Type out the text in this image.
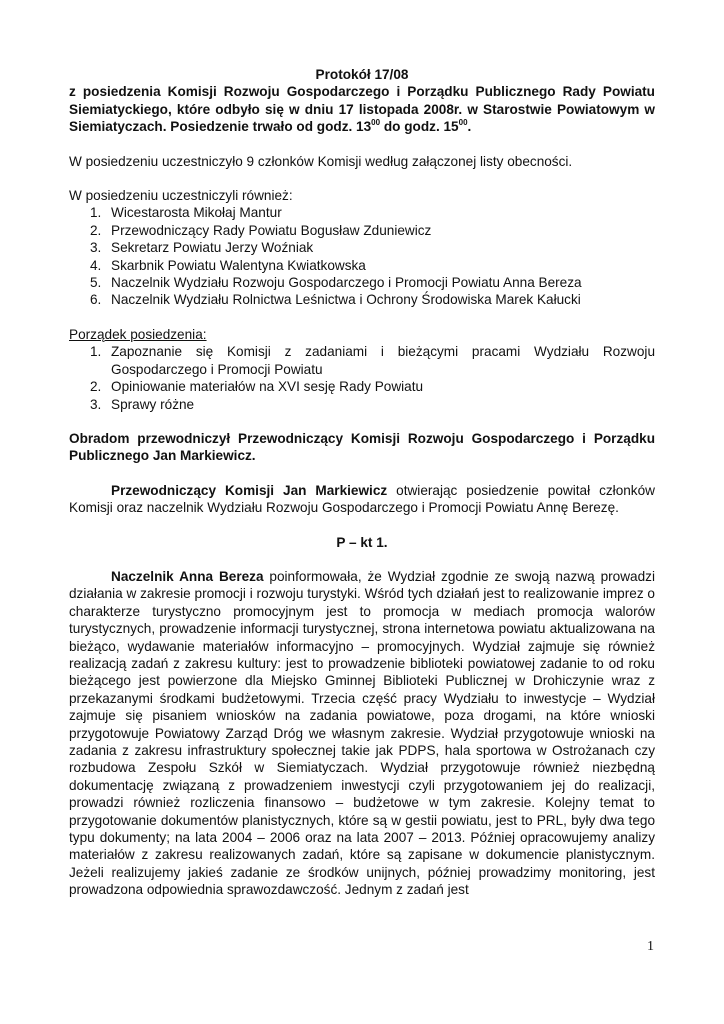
Protokół 17/08

z posiedzenia Komisji Rozwoju Gospodarczego i Porządku Publicznego Rady Powiatu Siemiatyckiego, które odbyło się w dniu 17 listopada 2008r. w Starostwie Powiatowym w Siemiatyczach. Posiedzenie trwało od godz. $13^{00}$ do godz. $15^{00}$.

W posiedzeniu uczestniczyło 9 członków Komisji według załączonej listy obecności.

W posiedzeniu uczestniczyli również:

1. Wicestarosta Mikołaj Mantur
2. Przewodniczący Rady Powiatu Bogusław Zduniewicz
3. Sekretarz Powiatu Jerzy Woźniak
4. Skarbnik Powiatu Walentyna Kwiatkowska
5. Naczelnik Wydziału Rozwoju Gospodarczego i Promocji Powiatu Anna Bereza
6. Naczelnik Wydziału Rolnictwa Leśnictwa i Ochrony Środowiska Marek Kałucki

Porządek posiedzenia:

1. Zapoznanie się Komisji z zadaniami i bieżącymi pracami Wydziału Rozwoju Gospodarczego i Promocji Powiatu
2. Opiniowanie materiałów na XVI sesję Rady Powiatu
3. Sprawy różne

Obradom przewodniczył Przewodniczący Komisji Rozwoju Gospodarczego i Porządku Publicznego Jan Markiewicz.

Przewodniczący Komisji Jan Markiewicz otwierając posiedzenie powitał członków Komisji oraz naczelnik Wydziału Rozwoju Gospodarczego i Promocji Powiatu Annę Berezę.

P – kt 1.

Naczelnik Anna Bereza poinformowała, że Wydział zgodnie ze swoją nazwą prowadzi działania w zakresie promocji i rozwoju turystyki. Wśród tych działań jest to realizowanie imprez o charakterze turystyczno promocyjnym jest to promocja w mediach promocja walorów turystycznych, prowadzenie informacji turystycznej, strona internetowa powiatu aktualizowana na bieżąco, wydawanie materiałów informacyjno – promocyjnych. Wydział zajmuje się również realizacją zadań z zakresu kultury: jest to prowadzenie biblioteki powiatowej zadanie to od roku bieżącego jest powierzone dla Miejsko Gminnej Biblioteki Publicznej w Drohiczynie wraz z przekazanymi środkami budżetowymi. Trzecia część pracy Wydziału to inwestycje – Wydział zajmuje się pisaniem wniosków na zadania powiatowe, poza drogami, na które wnioski przygotowuje Powiatowy Zarząd Dróg we własnym zakresie. Wydział przygotowuje wnioski na zadania z zakresu infrastruktury społecznej takie jak PDPS, hala sportowa w Ostrożanach czy rozbudowa Zespołu Szkół w Siemiatyczach. Wydział przygotowuje również niezbędną dokumentację związaną z prowadzeniem inwestycji czyli przygotowaniem jej do realizacji, prowadzi również rozliczenia finansowo – budżetowe w tym zakresie. Kolejny temat to przygotowanie dokumentów planistycznych, które są w gestii powiatu, jest to PRL, były dwa tego typu dokumenty; na lata 2004 – 2006 oraz na lata 2007 – 2013. Później opracowujemy analizy materiałów z zakresu realizowanych zadań, które są zapisane w dokumencie planistycznym. Jeżeli realizujemy jakieś zadanie ze środków unijnych, później prowadzimy monitoring, jest prowadzona odpowiednia sprawozdawczość. Jednym z zadań jest

1
